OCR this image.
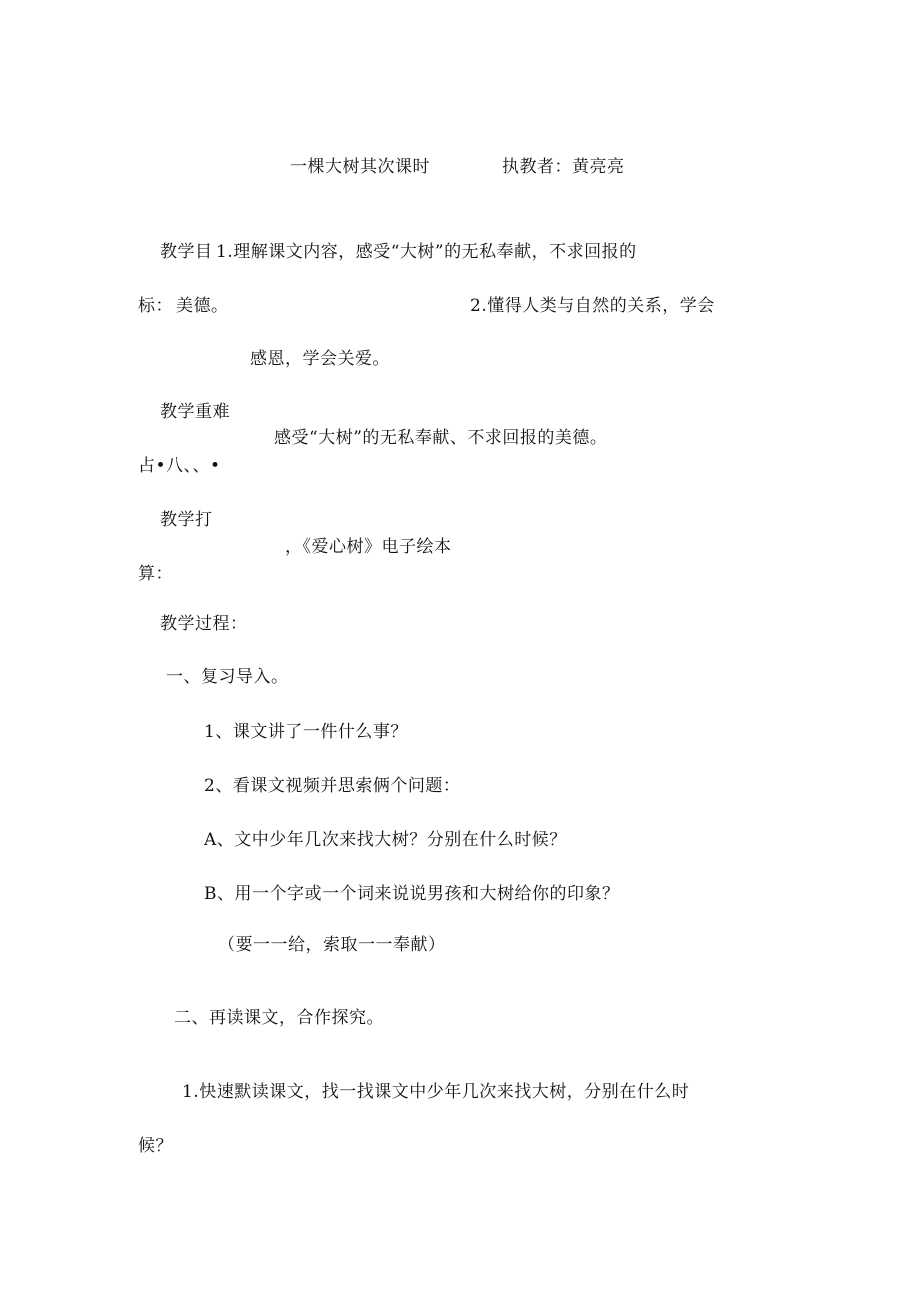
一棵大树其次课时	执教者：黄亮亮
教学目 1.理解课文内容，感受“大树”的无私奉献，不求回报的
标： 美德。	2.懂得人类与自然的关系，学会
感恩，学会关爱。
教学重难
感受“大树”的无私奉献、不求回报的美德。
占•八、、•
教学打
，《爱心树》电子绘本
算：
教学过程：
一、复习导入。
1、课文讲了一件什么事？
2、看课文视频并思索俩个问题：
A、文中少年几次来找大树？分别在什么时候？
B、用一个字或一个词来说说男孩和大树给你的印象？
（要一一给，索取一一奉献）
二、再读课文，合作探究。
1.快速默读课文，找一找课文中少年几次来找大树，分别在什么时
候？
